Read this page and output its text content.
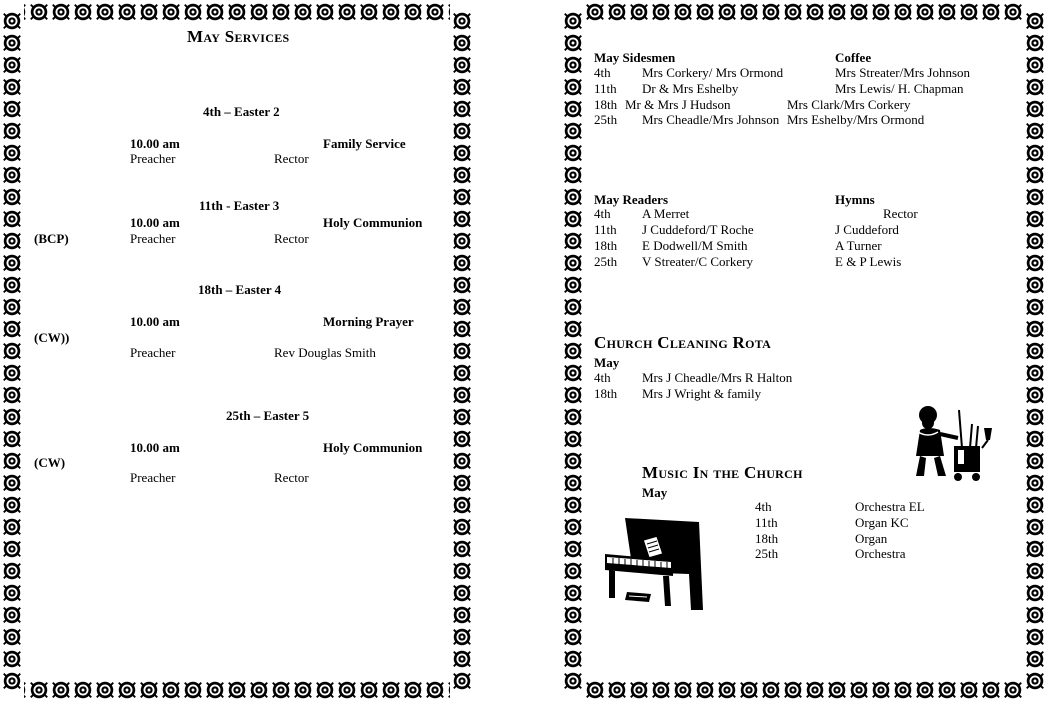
May Services
4th – Easter 2
10.00 am	Family Service
Preacher	Rector
11th - Easter 3
10.00 am	Holy Communion
(BCP)	Preacher	Rector
18th – Easter 4
10.00 am	Morning Prayer
(CW))
Preacher	Rev Douglas Smith
25th – Easter 5
10.00 am	Holy Communion
(CW)
Preacher	Rector
May Sidesmen	Coffee
4th Mrs Corkery/ Mrs Ormond	Mrs Streater/Mrs Johnson
11th Dr & Mrs Eshelby	Mrs Lewis/ H. Chapman
18th Mr & Mrs J Hudson	Mrs Clark/Mrs Corkery
25th Mrs Cheadle/Mrs Johnson Mrs Eshelby/Mrs Ormond
May Readers	Hymns
4th A Merret	Rector
11th J Cuddeford/T Roche	J Cuddeford
18th E Dodwell/M Smith	A Turner
25th V Streater/C Corkery	E & P Lewis
Church Cleaning Rota
May
4th Mrs J Cheadle/Mrs R Halton
18th Mrs J Wright & family
Music In the Church
May
4th	Orchestra EL
11th	Organ KC
18th	Organ
25th	Orchestra
